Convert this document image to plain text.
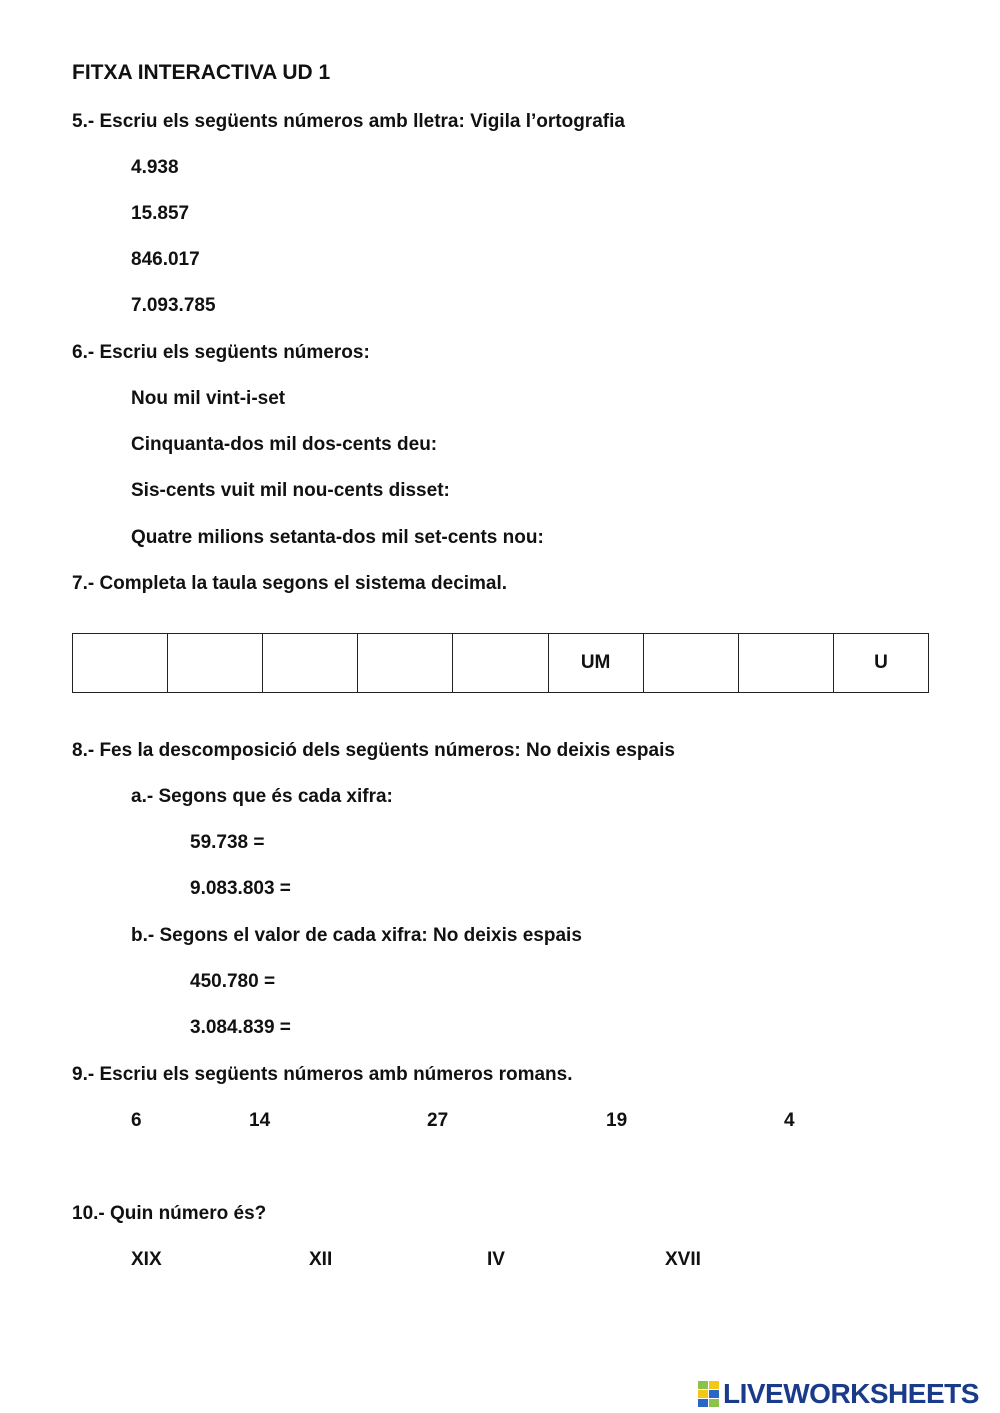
FITXA INTERACTIVA UD 1
5.- Escriu els següents números amb lletra: Vigila l’ortografia
4.938
15.857
846.017
7.093.785
6.- Escriu els següents números:
Nou mil vint-i-set
Cinquanta-dos mil dos-cents deu:
Sis-cents vuit mil nou-cents disset:
Quatre milions setanta-dos mil set-cents nou:
7.- Completa la taula segons el sistema decimal.
					UM			U
8.- Fes la descomposició dels següents números: No deixis espais
a.- Segons que és cada xifra:
59.738 =
9.083.803 =
b.- Segons el valor de cada xifra: No deixis espais
450.780 =
3.084.839 =
9.- Escriu els següents números amb números romans.
6	14	27	19	4
10.- Quin número és?
XIX	XII	IV	XVII
LIVEWORKSHEETS
